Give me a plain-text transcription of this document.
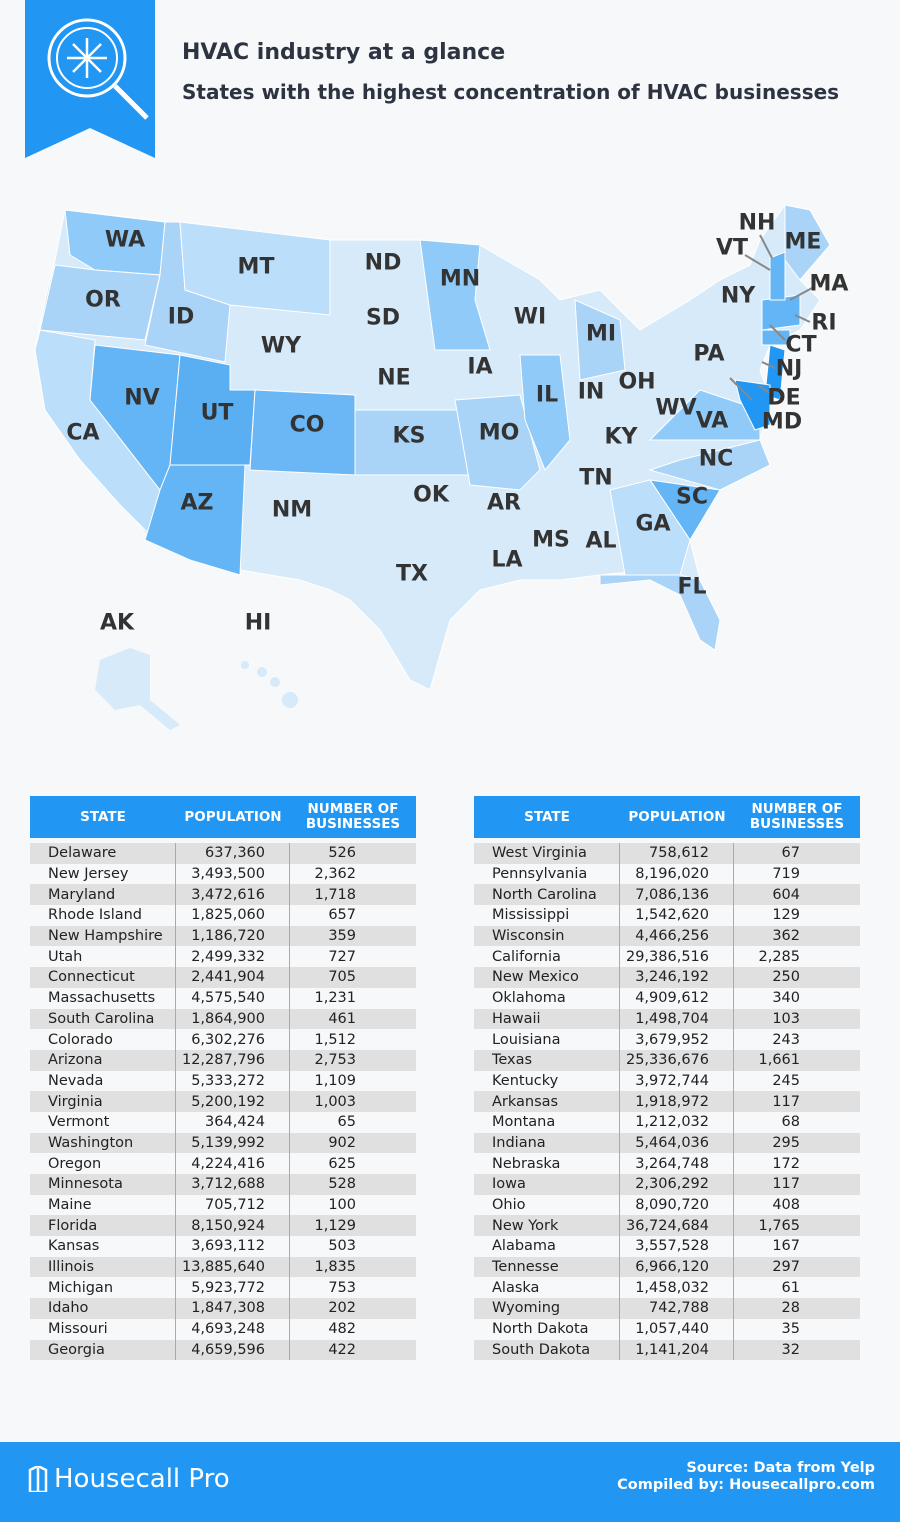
HVAC industry at a glance
States with the highest concentration of HVAC businesses
WA
OR
CA
NV
ID
MT
WY
UT	CO
AZ	NM
ND
SD
NE
KS
OK
TX
MN
IA
MO
AR
LA
WI
IL
MI
IN OH
KY
TN
MS AL
GA
FL
SC
NC
VA
WV
PA
NY
NJ
DE
MD
CT
RI
MA
ME
NH
VT
AK	HI
STATE	POPULATION	NUMBER OF
BUSINESSES
Delaware	637,360	526
New Jersey	3,493,500	2,362
Maryland	3,472,616	1,718
Rhode Island	1,825,060	657
New Hampshire	1,186,720	359
Utah	2,499,332	727
Connecticut	2,441,904	705
Massachusetts	4,575,540	1,231
South Carolina	1,864,900	461
Colorado	6,302,276	1,512
Arizona	12,287,796	2,753
Nevada	5,333,272	1,109
Virginia	5,200,192	1,003
Vermont	364,424	65
Washington	5,139,992	902
Oregon	4,224,416	625
Minnesota	3,712,688	528
Maine	705,712	100
Florida	8,150,924	1,129
Kansas	3,693,112	503
Illinois	13,885,640	1,835
Michigan	5,923,772	753
Idaho	1,847,308	202
Missouri	4,693,248	482
Georgia	4,659,596	422
STATE	POPULATION	NUMBER OF
BUSINESSES
West Virginia	758,612	67
Pennsylvania	8,196,020	719
North Carolina	7,086,136	604
Mississippi	1,542,620	129
Wisconsin	4,466,256	362
California	29,386,516	2,285
New Mexico	3,246,192	250
Oklahoma	4,909,612	340
Hawaii	1,498,704	103
Louisiana	3,679,952	243
Texas	25,336,676	1,661
Kentucky	3,972,744	245
Arkansas	1,918,972	117
Montana	1,212,032	68
Indiana	5,464,036	295
Nebraska	3,264,748	172
Iowa	2,306,292	117
Ohio	8,090,720	408
New York	36,724,684	1,765
Alabama	3,557,528	167
Tennesse	6,966,120	297
Alaska	1,458,032	61
Wyoming	742,788	28
North Dakota	1,057,440	35
South Dakota	1,141,204	32
Housecall Pro	Source: Data from Yelp
Compiled by: Housecallpro.com
